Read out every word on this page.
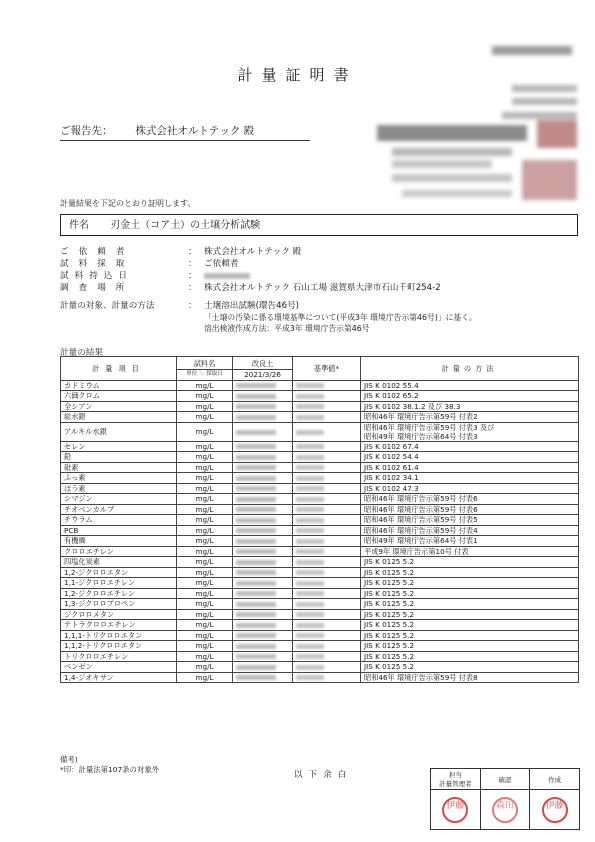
計量証明書
ご報告先： 株式会社オルトテック 殿
計量結果を下記のとおり証明します。
件名 刃金土（コア土）の土壌分析試験
ご依頼者	： 株式会社オルトテック 殿
試料採取	： ご依頼者
試料持込日	：
調査場所	： 株式会社オルトテック 石山工場 滋賀県大津市石山千町254-2
計量の対象、計量の方法	： 土壌溶出試験(環告46号)
「土壌の汚染に係る環境基準について(平成3年 環境庁告示第46号)」に基く。
溶出検液作成方法：平成3年 環境庁告示第46号
計量の結果
計量項目	試料名	改良土	基準値*	計量の方法
	単位 ＼ 採取日	2021/3/26		
カドミウム	mg/L			JIS K 0102 55.4

六価クロム	mg/L			JIS K 0102 65.2

全シアン	mg/L			JIS K 0102 38.1.2 及び 38.3

総水銀	mg/L			昭和46年 環境庁告示第59号 付表2

アルキル水銀	mg/L			昭和46年 環境庁告示第59号 付表3 及び
昭和49年 環境庁告示第64号 付表3

セレン	mg/L			JIS K 0102 67.4

鉛	mg/L			JIS K 0102 54.4

砒素	mg/L			JIS K 0102 61.4

ふっ素	mg/L			JIS K 0102 34.1

ほう素	mg/L			JIS K 0102 47.3

シマジン	mg/L			昭和46年 環境庁告示第59号 付表6

チオベンカルブ	mg/L			昭和46年 環境庁告示第59号 付表6

チウラム	mg/L			昭和46年 環境庁告示第59号 付表5

PCB	mg/L			昭和46年 環境庁告示第59号 付表4

有機燐	mg/L			昭和49年 環境庁告示第64号 付表1

クロロエチレン	mg/L			平成9年 環境庁告示第10号 付表

四塩化炭素	mg/L			JIS K 0125 5.2

1,2-ジクロロエタン	mg/L			JIS K 0125 5.2

1,1-ジクロロエチレン	mg/L			JIS K 0125 5.2

1,2-ジクロロエチレン	mg/L			JIS K 0125 5.2

1,3-ジクロロプロペン	mg/L			JIS K 0125 5.2

ジクロロメタン	mg/L			JIS K 0125 5.2

テトラクロロエチレン	mg/L			JIS K 0125 5.2

1,1,1-トリクロロエタン	mg/L			JIS K 0125 5.2

1,1,2-トリクロロエタン	mg/L			JIS K 0125 5.2

トリクロロエチレン	mg/L			JIS K 0125 5.2

ベンゼン	mg/L			JIS K 0125 5.2

1,4-ジオキサン	mg/L			昭和46年 環境庁告示第59号 付表8
備考)
*印：計量法第107条の対象外
以下余白	担当
計量管理者	確認	作成
伊藤	森田	伊藤
